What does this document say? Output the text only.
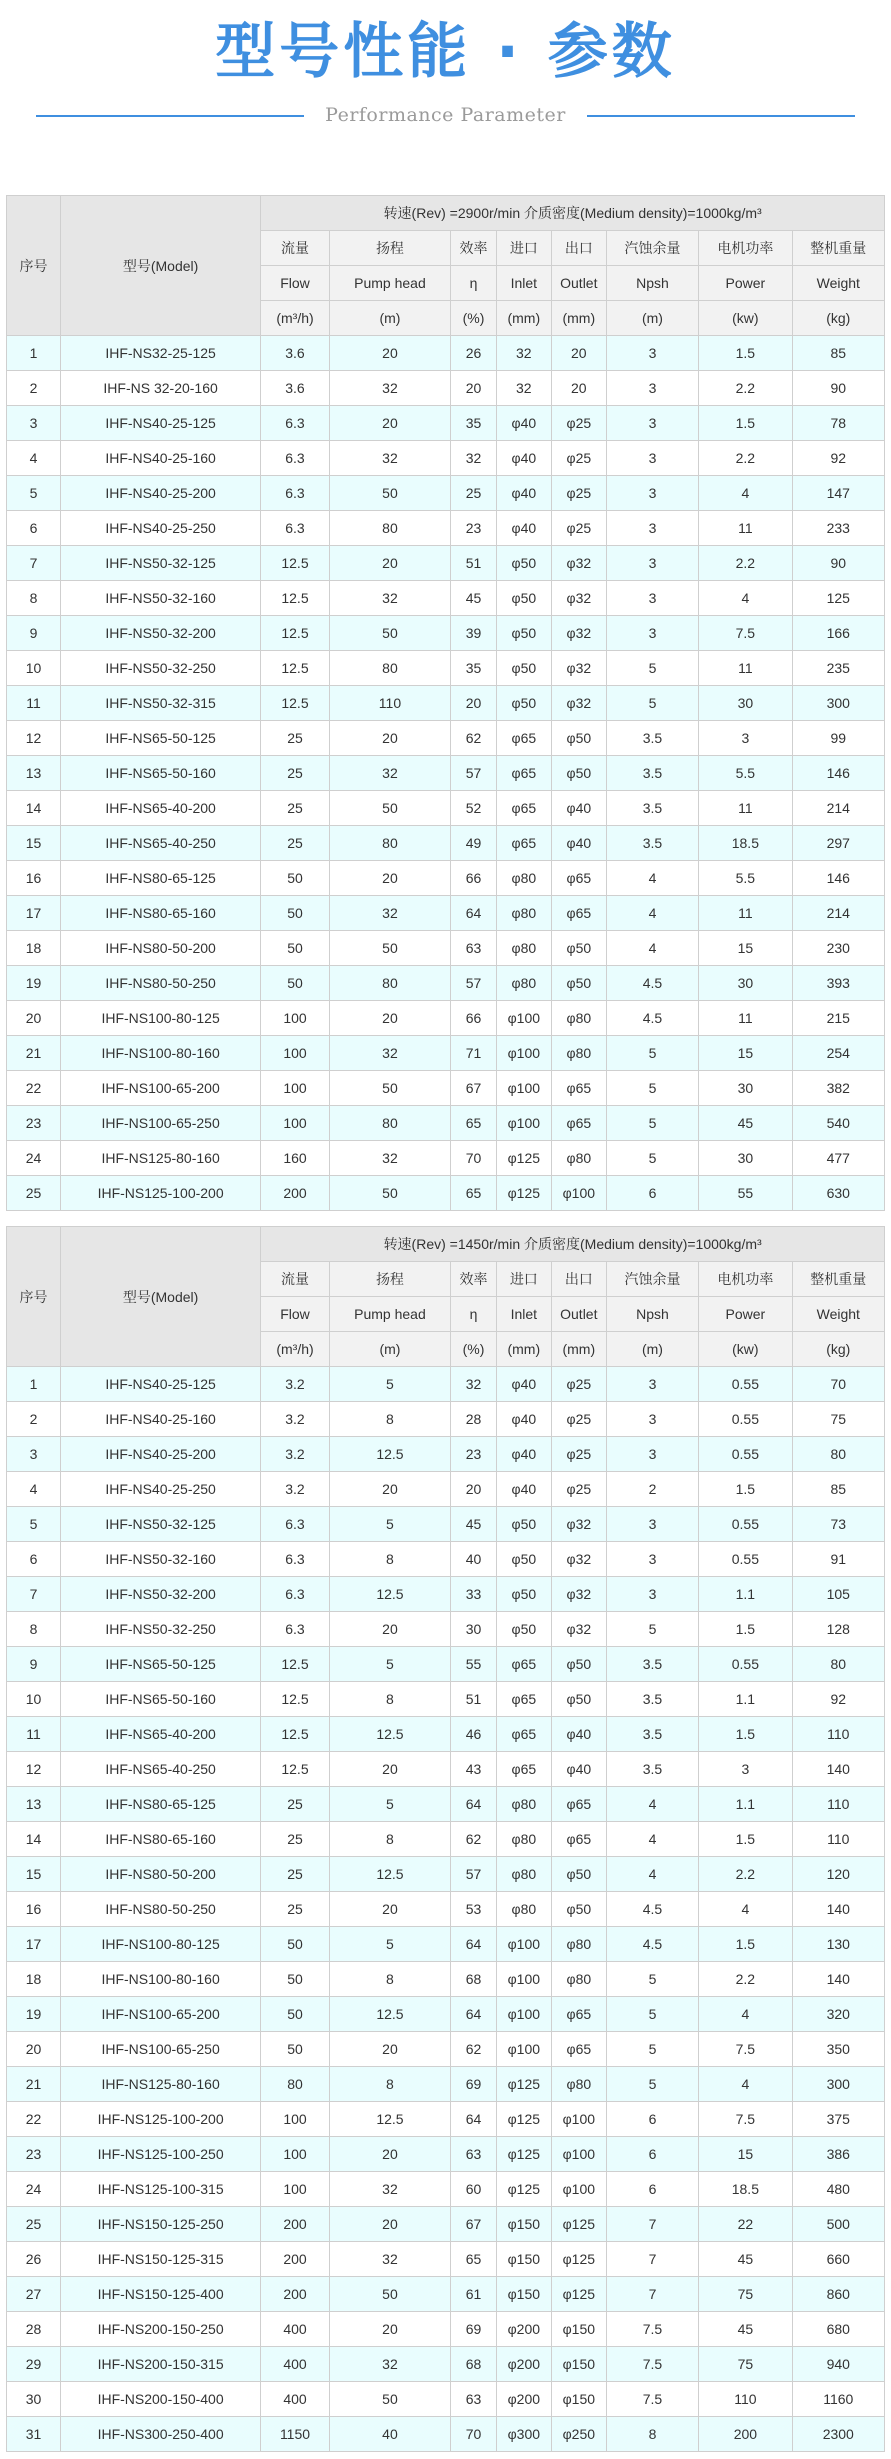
型号性能 · 参数
Performance Parameter
序号	型号(Model)	转速(Rev) =2900r/min 介质密度(Medium density)=1000kg/m³							
		流量	扬程	效率	进口	出口	汽蚀余量	电机功率	整机重量
		Flow	Pump head	η	Inlet	Outlet	Npsh	Power	Weight
		(m³/h)	(m)	(%)	(mm)	(mm)	(m)	(kw)	(kg)
1	IHF-NS32-25-125	3.6	20	26	32	20	3	1.5	85
2	IHF-NS 32-20-160	3.6	32	20	32	20	3	2.2	90
3	IHF-NS40-25-125	6.3	20	35	φ40	φ25	3	1.5	78
4	IHF-NS40-25-160	6.3	32	32	φ40	φ25	3	2.2	92
5	IHF-NS40-25-200	6.3	50	25	φ40	φ25	3	4	147
6	IHF-NS40-25-250	6.3	80	23	φ40	φ25	3	11	233
7	IHF-NS50-32-125	12.5	20	51	φ50	φ32	3	2.2	90
8	IHF-NS50-32-160	12.5	32	45	φ50	φ32	3	4	125
9	IHF-NS50-32-200	12.5	50	39	φ50	φ32	3	7.5	166
10	IHF-NS50-32-250	12.5	80	35	φ50	φ32	5	11	235
11	IHF-NS50-32-315	12.5	110	20	φ50	φ32	5	30	300
12	IHF-NS65-50-125	25	20	62	φ65	φ50	3.5	3	99
13	IHF-NS65-50-160	25	32	57	φ65	φ50	3.5	5.5	146
14	IHF-NS65-40-200	25	50	52	φ65	φ40	3.5	11	214
15	IHF-NS65-40-250	25	80	49	φ65	φ40	3.5	18.5	297
16	IHF-NS80-65-125	50	20	66	φ80	φ65	4	5.5	146
17	IHF-NS80-65-160	50	32	64	φ80	φ65	4	11	214
18	IHF-NS80-50-200	50	50	63	φ80	φ50	4	15	230
19	IHF-NS80-50-250	50	80	57	φ80	φ50	4.5	30	393
20	IHF-NS100-80-125	100	20	66	φ100	φ80	4.5	11	215
21	IHF-NS100-80-160	100	32	71	φ100	φ80	5	15	254
22	IHF-NS100-65-200	100	50	67	φ100	φ65	5	30	382
23	IHF-NS100-65-250	100	80	65	φ100	φ65	5	45	540
24	IHF-NS125-80-160	160	32	70	φ125	φ80	5	30	477
25	IHF-NS125-100-200	200	50	65	φ125	φ100	6	55	630
序号	型号(Model)	转速(Rev) =1450r/min 介质密度(Medium density)=1000kg/m³							
		流量	扬程	效率	进口	出口	汽蚀余量	电机功率	整机重量
		Flow	Pump head	η	Inlet	Outlet	Npsh	Power	Weight
		(m³/h)	(m)	(%)	(mm)	(mm)	(m)	(kw)	(kg)
1	IHF-NS40-25-125	3.2	5	32	φ40	φ25	3	0.55	70
2	IHF-NS40-25-160	3.2	8	28	φ40	φ25	3	0.55	75
3	IHF-NS40-25-200	3.2	12.5	23	φ40	φ25	3	0.55	80
4	IHF-NS40-25-250	3.2	20	20	φ40	φ25	2	1.5	85
5	IHF-NS50-32-125	6.3	5	45	φ50	φ32	3	0.55	73
6	IHF-NS50-32-160	6.3	8	40	φ50	φ32	3	0.55	91
7	IHF-NS50-32-200	6.3	12.5	33	φ50	φ32	3	1.1	105
8	IHF-NS50-32-250	6.3	20	30	φ50	φ32	5	1.5	128
9	IHF-NS65-50-125	12.5	5	55	φ65	φ50	3.5	0.55	80
10	IHF-NS65-50-160	12.5	8	51	φ65	φ50	3.5	1.1	92
11	IHF-NS65-40-200	12.5	12.5	46	φ65	φ40	3.5	1.5	110
12	IHF-NS65-40-250	12.5	20	43	φ65	φ40	3.5	3	140
13	IHF-NS80-65-125	25	5	64	φ80	φ65	4	1.1	110
14	IHF-NS80-65-160	25	8	62	φ80	φ65	4	1.5	110
15	IHF-NS80-50-200	25	12.5	57	φ80	φ50	4	2.2	120
16	IHF-NS80-50-250	25	20	53	φ80	φ50	4.5	4	140
17	IHF-NS100-80-125	50	5	64	φ100	φ80	4.5	1.5	130
18	IHF-NS100-80-160	50	8	68	φ100	φ80	5	2.2	140
19	IHF-NS100-65-200	50	12.5	64	φ100	φ65	5	4	320
20	IHF-NS100-65-250	50	20	62	φ100	φ65	5	7.5	350
21	IHF-NS125-80-160	80	8	69	φ125	φ80	5	4	300
22	IHF-NS125-100-200	100	12.5	64	φ125	φ100	6	7.5	375
23	IHF-NS125-100-250	100	20	63	φ125	φ100	6	15	386
24	IHF-NS125-100-315	100	32	60	φ125	φ100	6	18.5	480
25	IHF-NS150-125-250	200	20	67	φ150	φ125	7	22	500
26	IHF-NS150-125-315	200	32	65	φ150	φ125	7	45	660
27	IHF-NS150-125-400	200	50	61	φ150	φ125	7	75	860
28	IHF-NS200-150-250	400	20	69	φ200	φ150	7.5	45	680
29	IHF-NS200-150-315	400	32	68	φ200	φ150	7.5	75	940
30	IHF-NS200-150-400	400	50	63	φ200	φ150	7.5	110	1160
31	IHF-NS300-250-400	1150	40	70	φ300	φ250	8	200	2300
